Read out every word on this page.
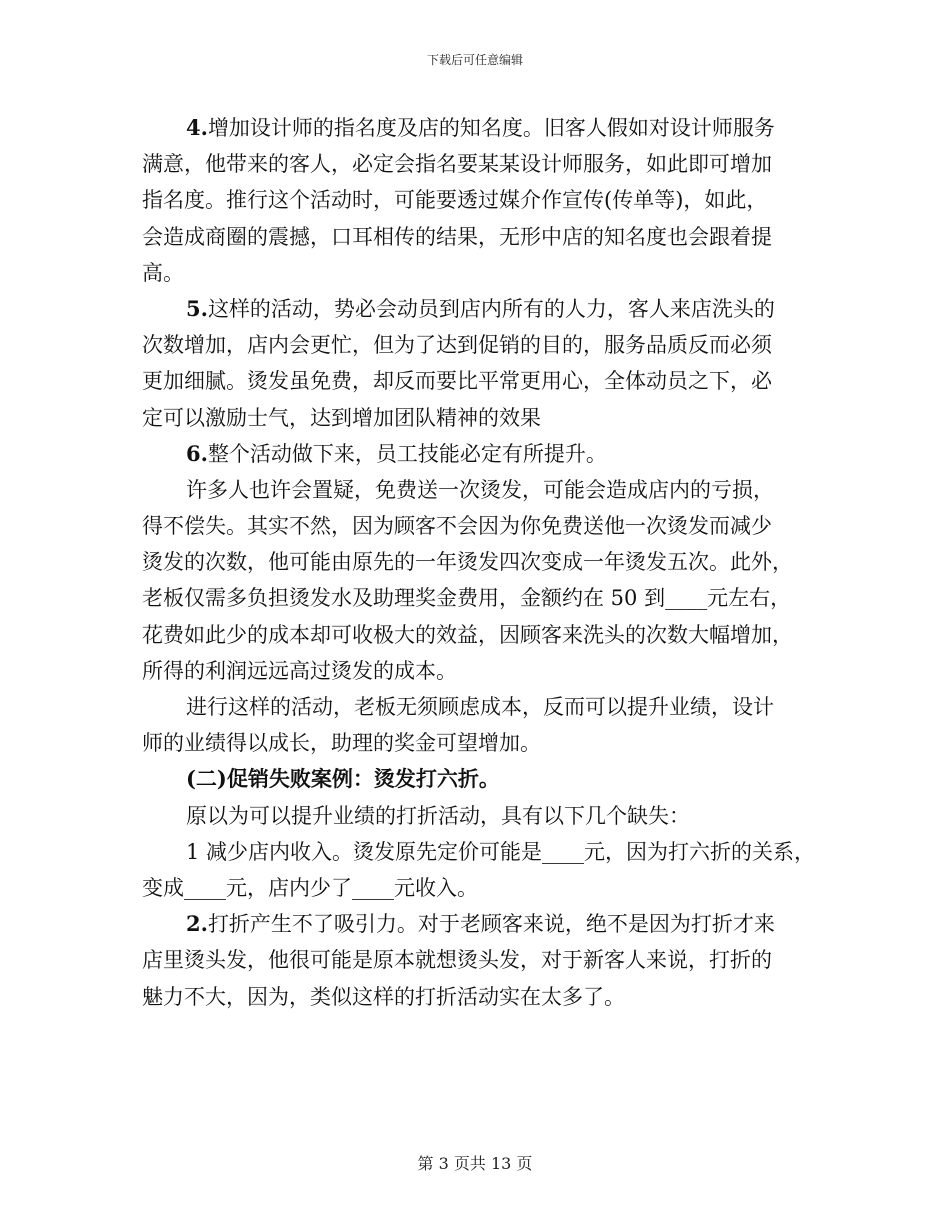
下载后可任意编辑
4.增加设计师的指名度及店的知名度。旧客人假如对设计师服务
满意，他带来的客人，必定会指名要某某设计师服务，如此即可增加
指名度。推行这个活动时，可能要透过媒介作宣传(传单等)，如此，
会造成商圈的震撼，口耳相传的结果，无形中店的知名度也会跟着提
高。
5.这样的活动，势必会动员到店内所有的人力，客人来店洗头的
次数增加，店内会更忙，但为了达到促销的目的，服务品质反而必须
更加细腻。烫发虽免费，却反而要比平常更用心，全体动员之下，必
定可以激励士气，达到增加团队精神的效果
6.整个活动做下来，员工技能必定有所提升。
许多人也许会置疑，免费送一次烫发，可能会造成店内的亏损，
得不偿失。其实不然，因为顾客不会因为你免费送他一次烫发而减少
烫发的次数，他可能由原先的一年烫发四次变成一年烫发五次。此外，
老板仅需多负担烫发水及助理奖金费用，金额约在 50 到____元左右，
花费如此少的成本却可收极大的效益，因顾客来洗头的次数大幅增加，
所得的利润远远高过烫发的成本。
进行这样的活动，老板无须顾虑成本，反而可以提升业绩，设计
师的业绩得以成长，助理的奖金可望增加。
(二)促销失败案例：烫发打六折。
原以为可以提升业绩的打折活动，具有以下几个缺失：
1 减少店内收入。烫发原先定价可能是____元，因为打六折的关系，
变成____元，店内少了____元收入。
2.打折产生不了吸引力。对于老顾客来说，绝不是因为打折才来
店里烫头发，他很可能是原本就想烫头发，对于新客人来说，打折的
魅力不大，因为，类似这样的打折活动实在太多了。
第 3 页共 13 页
